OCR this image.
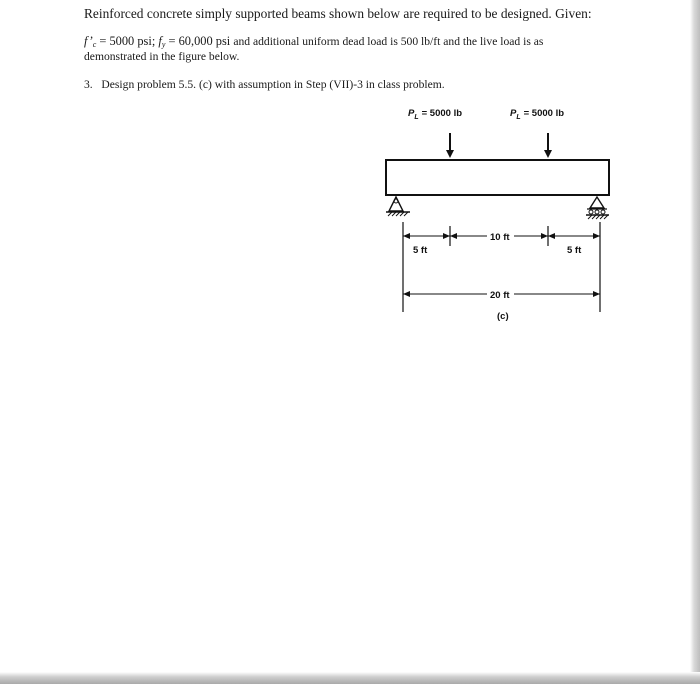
Reinforced concrete simply supported beams shown below are required to be designed. Given:
$f’_c = 5000$ psi; $f_y = 60,000$ psi and additional uniform dead load is 500 lb/ft and the live load is as
demonstrated in the figure below.
3. Design problem 5.5. (c) with assumption in Step (VII)-3 in class problem.
$P_L = 5000$ lb	$P_L = 5000$ lb
5 ft
10 ft
5 ft
20 ft
(c)
